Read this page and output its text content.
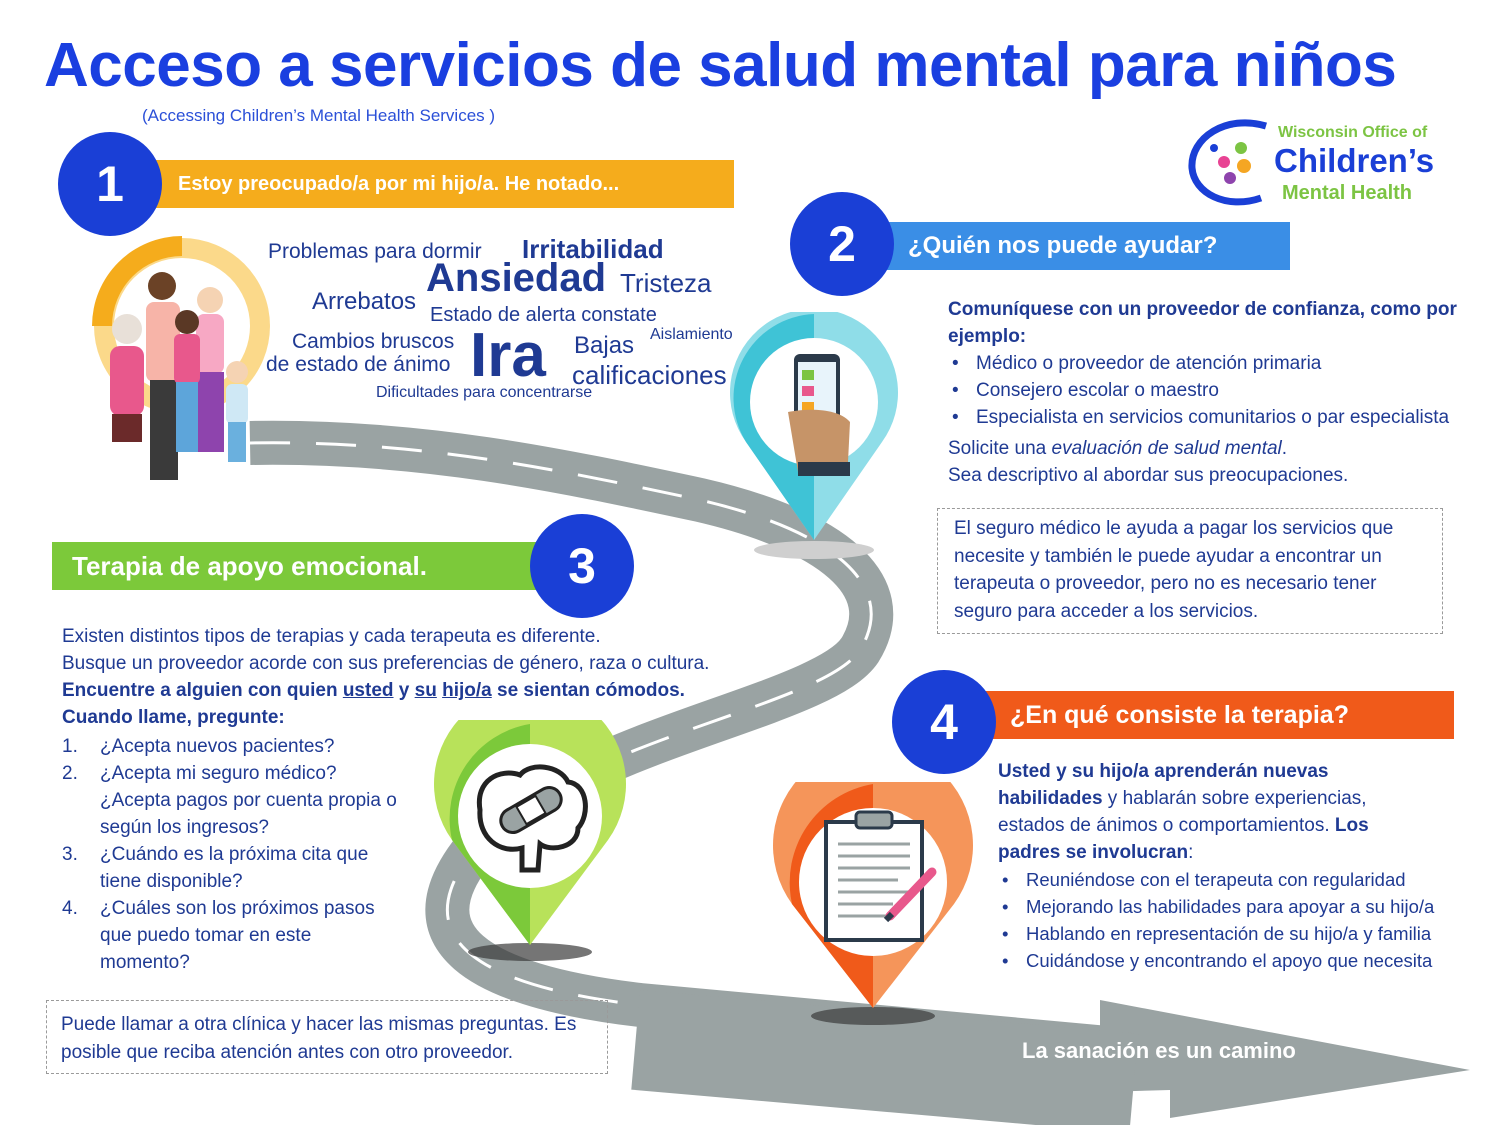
Acceso a servicios de salud mental para niños
(Accessing Children’s Mental Health Services )
Wisconsin Office of
Children’s
Mental Health
Estoy preocupado/a por mi hijo/a. He notado...
1
Problemas para dormir Irritabilidad
Ansiedad Tristeza
Arrebatos Estado de alerta constate
Aislamiento
Cambios bruscos
de estado de ánimo Ira Bajas
calificaciones
Dificultades para concentrarse
¿Quién nos puede ayudar?
2
Comuníquese con un proveedor de confianza, como por ejemplo:
• Médico o proveedor de atención primaria
• Consejero escolar o maestro
• Especialista en servicios comunitarios o par especialista
Solicite una evaluación de salud mental.
Sea descriptivo al abordar sus preocupaciones.
El seguro médico le ayuda a pagar los servicios que necesite y también le puede ayudar a encontrar un terapeuta o proveedor, pero no es necesario tener seguro para acceder a los servicios.
Terapia de apoyo emocional.	3
Existen distintos tipos de terapias y cada terapeuta es diferente.
Busque un proveedor acorde con sus preferencias de género, raza o cultura.
Encuentre a alguien con quien usted y su hijo/a se sientan cómodos.
Cuando llame, pregunte:
1. ¿Acepta nuevos pacientes?
2. ¿Acepta mi seguro médico? ¿Acepta pagos por cuenta propia o según los ingresos?
3. ¿Cuándo es la próxima cita que tiene disponible?
4. ¿Cuáles son los próximos pasos que puedo tomar en este momento?
Puede llamar a otra clínica y hacer las mismas preguntas. Es posible que reciba atención antes con otro proveedor.
¿En qué consiste la terapia?
4
Usted y su hijo/a aprenderán nuevas habilidades y hablarán sobre experiencias, estados de ánimos o comportamientos. Los padres se involucran:
• Reuniéndose con el terapeuta con regularidad
• Mejorando las habilidades para apoyar a su hijo/a
• Hablando en representación de su hijo/a y familia
• Cuidándose y encontrando el apoyo que necesita
La sanación es un camino
